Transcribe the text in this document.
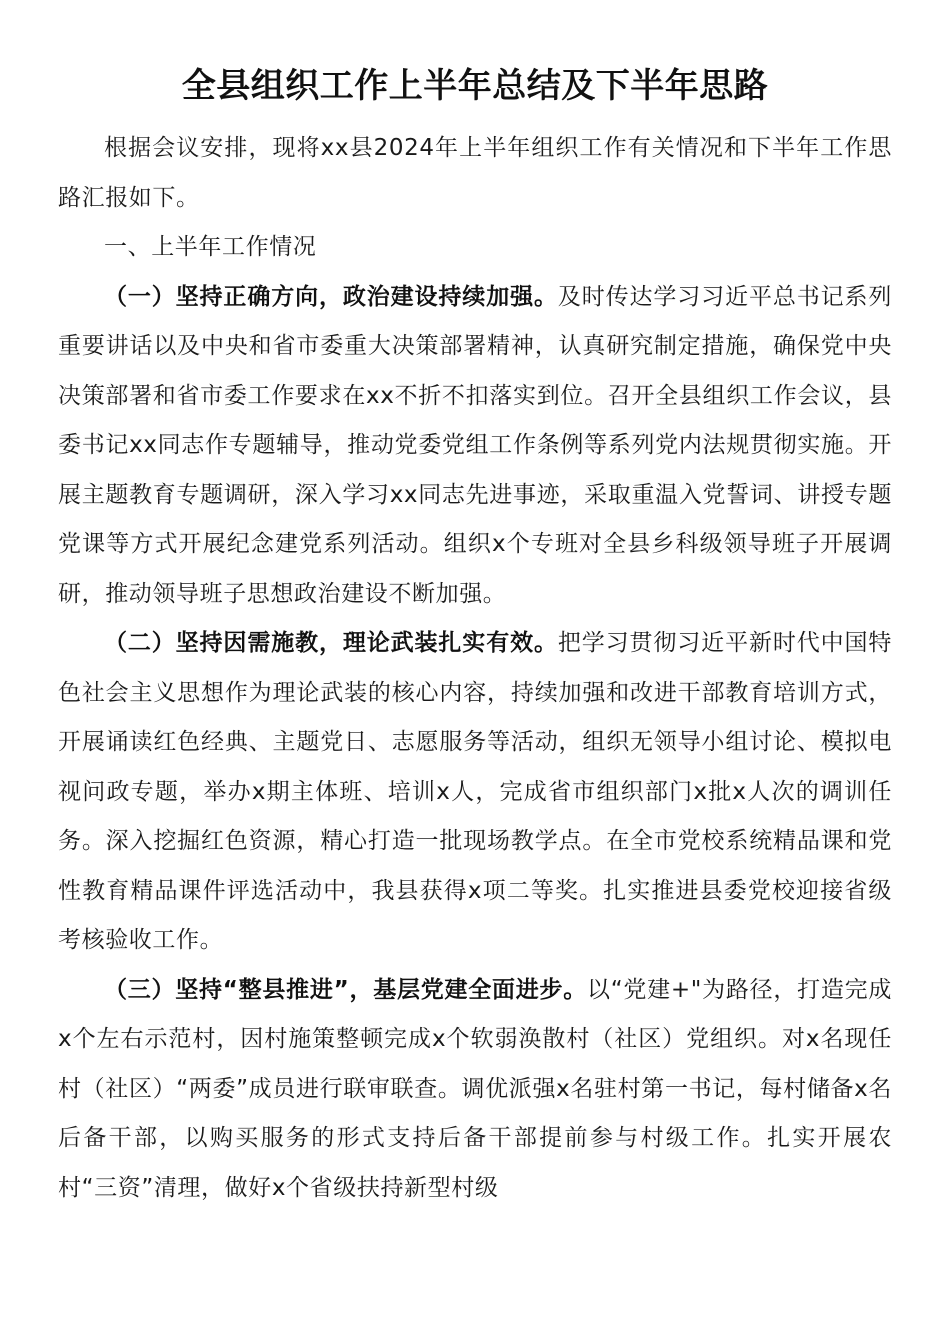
全县组织工作上半年总结及下半年思路

根据会议安排，现将xx县2024年上半年组织工作有关情况和下半年工作思路汇报如下。

一、上半年工作情况

（一）坚持正确方向，政治建设持续加强。及时传达学习习近平总书记系列重要讲话以及中央和省市委重大决策部署精神，认真研究制定措施，确保党中央决策部署和省市委工作要求在xx不折不扣落实到位。召开全县组织工作会议，县委书记xx同志作专题辅导，推动党委党组工作条例等系列党内法规贯彻实施。开展主题教育专题调研，深入学习xx同志先进事迹，采取重温入党誓词、讲授专题党课等方式开展纪念建党系列活动。组织x个专班对全县乡科级领导班子开展调研，推动领导班子思想政治建设不断加强。

（二）坚持因需施教，理论武装扎实有效。把学习贯彻习近平新时代中国特色社会主义思想作为理论武装的核心内容，持续加强和改进干部教育培训方式，开展诵读红色经典、主题党日、志愿服务等活动，组织无领导小组讨论、模拟电视问政专题，举办x期主体班、培训x人，完成省市组织部门x批x人次的调训任务。深入挖掘红色资源，精心打造一批现场教学点。在全市党校系统精品课和党性教育精品课件评选活动中，我县获得x项二等奖。扎实推进县委党校迎接省级考核验收工作。

（三）坚持“整县推进”，基层党建全面进步。以“党建+"为路径，打造完成x个左右示范村，因村施策整顿完成x个软弱涣散村（社区）党组织。对x名现任村（社区）“两委”成员进行联审联查。调优派强x名驻村第一书记，每村储备x名后备干部，以购买服务的形式支持后备干部提前参与村级工作。扎实开展农村“三资”清理，做好x个省级扶持新型村级
